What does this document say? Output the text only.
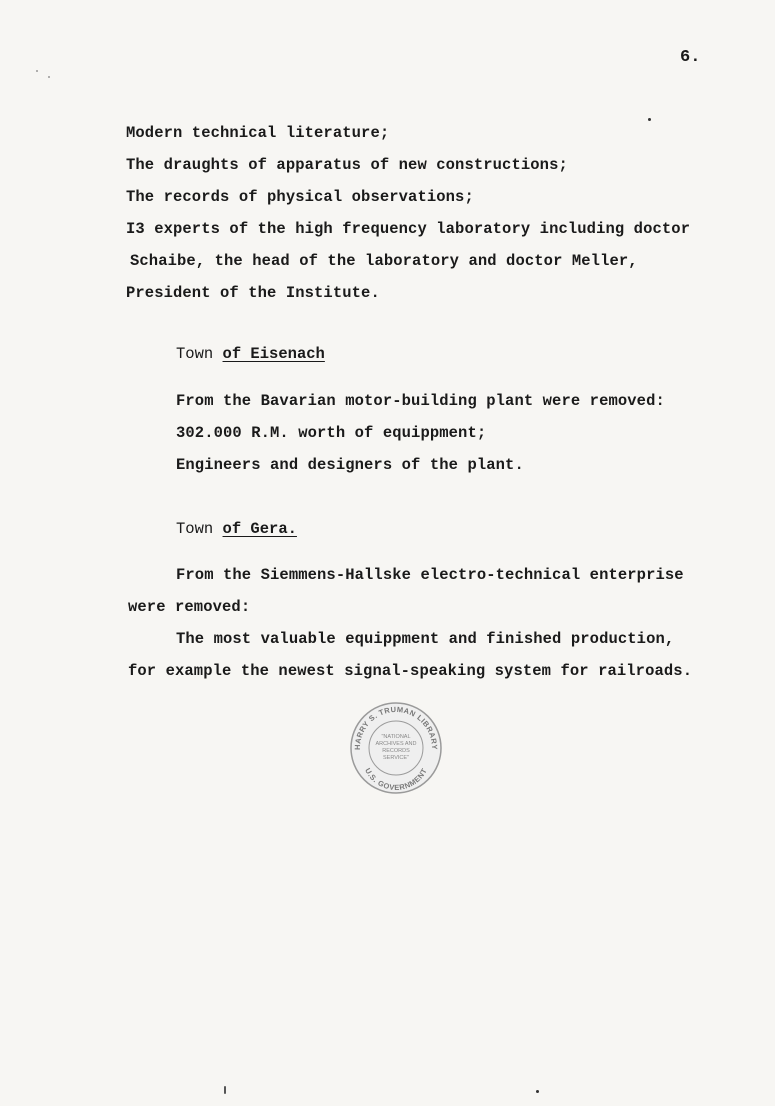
6.
Modern technical literature;
The draughts of apparatus of new constructions;
The records of physical observations;
I3 experts of the high frequency laboratory including doctor
Schaibe, the head of the laboratory and doctor Meller,
President of the Institute.
Town of Eisenach
From the Bavarian motor-building plant were removed:
302.000 R.M. worth of equippment;
Engineers and designers of the plant.
Town of Gera.
From the Siemmens-Hallske electro-technical enterprise
were removed:
The most valuable equippment and finished production,
for example the newest signal-speaking system for railroads.
HARRY S. TRUMAN LIBRARY
U.S. GOVERNMENT
"NATIONAL
ARCHIVES AND
RECORDS
SERVICE"
